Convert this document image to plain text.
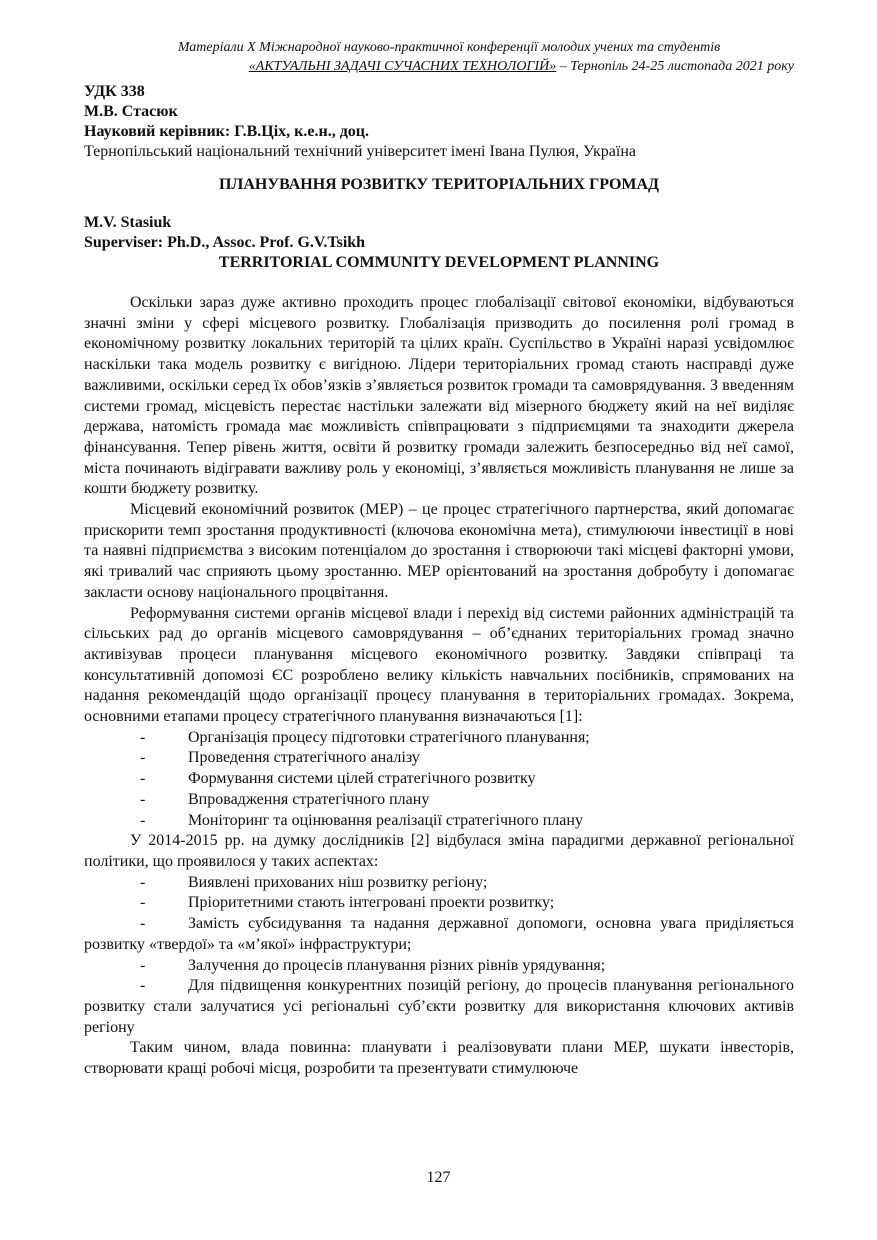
Матеріали X Міжнародної науково-практичної конференції молодих учених та студентів
«АКТУАЛЬНІ ЗАДАЧІ СУЧАСНИХ ТЕХНОЛОГІЙ» – Тернопіль 24-25 листопада 2021 року
УДК 338
М.В. Стасюк
Науковий керівник: Г.В.Ціх, к.е.н., доц.
Тернопільський національний технічний університет імені Івана Пулюя, Україна
ПЛАНУВАННЯ РОЗВИТКУ ТЕРИТОРІАЛЬНИХ ГРОМАД
M.V. Stasiuk
Superviser: Ph.D., Assoc. Prof. G.V.Tsikh
TERRITORIAL COMMUNITY DEVELOPMENT PLANNING

Оскільки зараз дуже активно проходить процес глобалізації світової економіки, відбуваються значні зміни у сфері місцевого розвитку. Глобалізація призводить до посилення ролі громад в економічному розвитку локальних територій та цілих країн. Суспільство в Україні наразі усвідомлює наскільки така модель розвитку є вигідною. Лідери територіальних громад стають насправді дуже важливими, оскільки серед їх обов’язків з’являється розвиток громади та самоврядування. З введенням системи громад, місцевість перестає настільки залежати від мізерного бюджету який на неї виділяє держава, натомість громада має можливість співпрацювати з підприємцями та знаходити джерела фінансування. Тепер рівень життя, освіти й розвитку громади залежить безпосередньо від неї самої, міста починають відігравати важливу роль у економіці, з’являється можливість планування не лише за кошти бюджету розвитку.

Місцевий економічний розвиток (МЕР) – це процес стратегічного партнерства, який допомагає прискорити темп зростання продуктивності (ключова економічна мета), стимулюючи інвестиції в нові та наявні підприємства з високим потенціалом до зростання і створюючи такі місцеві факторні умови, які тривалий час сприяють цьому зростанню. МЕР орієнтований на зростання добробуту і допомагає закласти основу національного процвітання.

Реформування системи органів місцевої влади і перехід від системи районних адміністрацій та сільських рад до органів місцевого самоврядування – об’єднаних територіальних громад значно активізував процеси планування місцевого економічного розвитку. Завдяки співпраці та консультативній допомозі ЄС розроблено велику кількість навчальних посібників, спрямованих на надання рекомендацій щодо організації процесу планування в територіальних громадах. Зокрема, основними етапами процесу стратегічного планування визначаються [1]:

-	Організація процесу підготовки стратегічного планування;
-	Проведення стратегічного аналізу
-	Формування системи цілей стратегічного розвитку
-	Впровадження стратегічного плану
-	Моніторинг та оцінювання реалізації стратегічного плану

У 2014-2015 рр. на думку дослідників [2] відбулася зміна парадигми державної регіональної політики, що проявилося у таких аспектах:

-	Виявлені прихованих ніш розвитку регіону;
-	Пріоритетними стають інтегровані проекти розвитку;
-	Замість субсидування та надання державної допомоги, основна увага приділяється розвитку «твердої» та «м’якої» інфраструктури;
-	Залучення до процесів планування різних рівнів урядування;
-	Для підвищення конкурентних позицій регіону, до процесів планування регіонального розвитку стали залучатися усі регіональні суб’єкти розвитку для використання ключових активів регіону

Таким чином, влада повинна: планувати і реалізовувати плани МЕР, шукати інвесторів, створювати кращі робочі місця, розробити та презентувати стимулююче

127
